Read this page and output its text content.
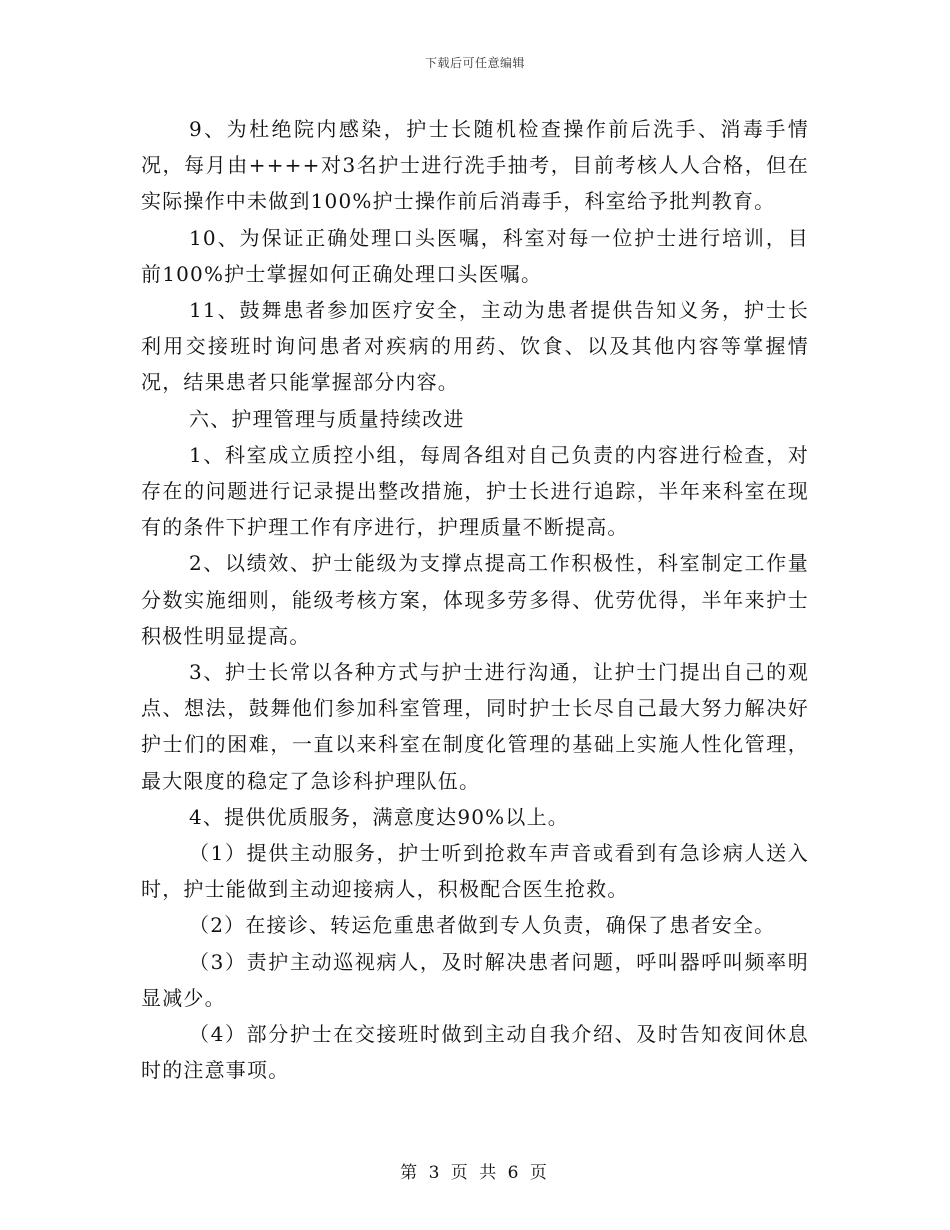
下载后可任意编辑

9、为杜绝院内感染，护士长随机检查操作前后洗手、消毒手情况，每月由++++对3名护士进行洗手抽考，目前考核人人合格，但在实际操作中未做到100%护士操作前后消毒手，科室给予批判教育。

10、为保证正确处理口头医嘱，科室对每一位护士进行培训，目前100%护士掌握如何正确处理口头医嘱。

11、鼓舞患者参加医疗安全，主动为患者提供告知义务，护士长利用交接班时询问患者对疾病的用药、饮食、以及其他内容等掌握情况，结果患者只能掌握部分内容。

六、护理管理与质量持续改进

1、科室成立质控小组，每周各组对自己负责的内容进行检查，对存在的问题进行记录提出整改措施，护士长进行追踪，半年来科室在现有的条件下护理工作有序进行，护理质量不断提高。

2、以绩效、护士能级为支撑点提高工作积极性，科室制定工作量分数实施细则，能级考核方案，体现多劳多得、优劳优得，半年来护士积极性明显提高。

3、护士长常以各种方式与护士进行沟通，让护士门提出自己的观点、想法，鼓舞他们参加科室管理，同时护士长尽自己最大努力解决好护士们的困难，一直以来科室在制度化管理的基础上实施人性化管理，最大限度的稳定了急诊科护理队伍。

4、提供优质服务，满意度达90%以上。

（1）提供主动服务，护士听到抢救车声音或看到有急诊病人送入时，护士能做到主动迎接病人，积极配合医生抢救。

（2）在接诊、转运危重患者做到专人负责，确保了患者安全。

（3）责护主动巡视病人，及时解决患者问题，呼叫器呼叫频率明显减少。

（4）部分护士在交接班时做到主动自我介绍、及时告知夜间休息时的注意事项。

第 3 页 共 6 页
